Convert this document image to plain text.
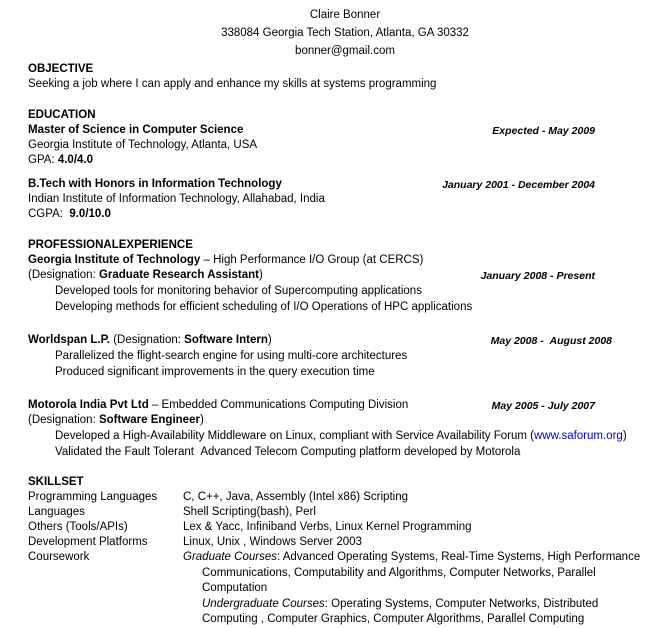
Claire Bonner
338084 Georgia Tech Station, Atlanta, GA 30332
bonner@gmail.com
OBJECTIVE
Seeking a job where I can apply and enhance my skills at systems programming
EDUCATION
Master of Science in Computer Science	Expected - May 2009
Georgia Institute of Technology, Atlanta, USA
GPA: 4.0/4.0
B.Tech with Honors in Information Technology	January 2001 - December 2004
Indian Institute of Information Technology, Allahabad, India
CGPA:  9.0/10.0
PROFESSIONALEXPERIENCE
Georgia Institute of Technology – High Performance I/O Group (at CERCS)
(Designation: Graduate Research Assistant)	January 2008 - Present
Developed tools for monitoring behavior of Supercomputing applications
Developing methods for efficient scheduling of I/O Operations of HPC applications
Worldspan L.P. (Designation: Software Intern)	May 2008 -  August 2008
Parallelized the flight-search engine for using multi-core architectures
Produced significant improvements in the query execution time
Motorola India Pvt Ltd – Embedded Communications Computing Division	May 2005 - July 2007
(Designation: Software Engineer)
Developed a High-Availability Middleware on Linux, compliant with Service Availability Forum (www.saforum.org)
Validated the Fault Tolerant  Advanced Telecom Computing platform developed by Motorola
SKILLSET
Programming Languages	C, C++, Java, Assembly (Intel x86) Scripting
Languages	Shell Scripting(bash), Perl
Others (Tools/APIs)	Lex & Yacc, Infiniband Verbs, Linux Kernel Programming
Development Platforms	Linux, Unix , Windows Server 2003
Coursework	Graduate Courses: Advanced Operating Systems, Real-Time Systems, High Performance Communications, Computability and Algorithms, Computer Networks, Parallel Computation
Undergraduate Courses: Operating Systems, Computer Networks, Distributed Computing , Computer Graphics, Computer Algorithms, Parallel Computing
